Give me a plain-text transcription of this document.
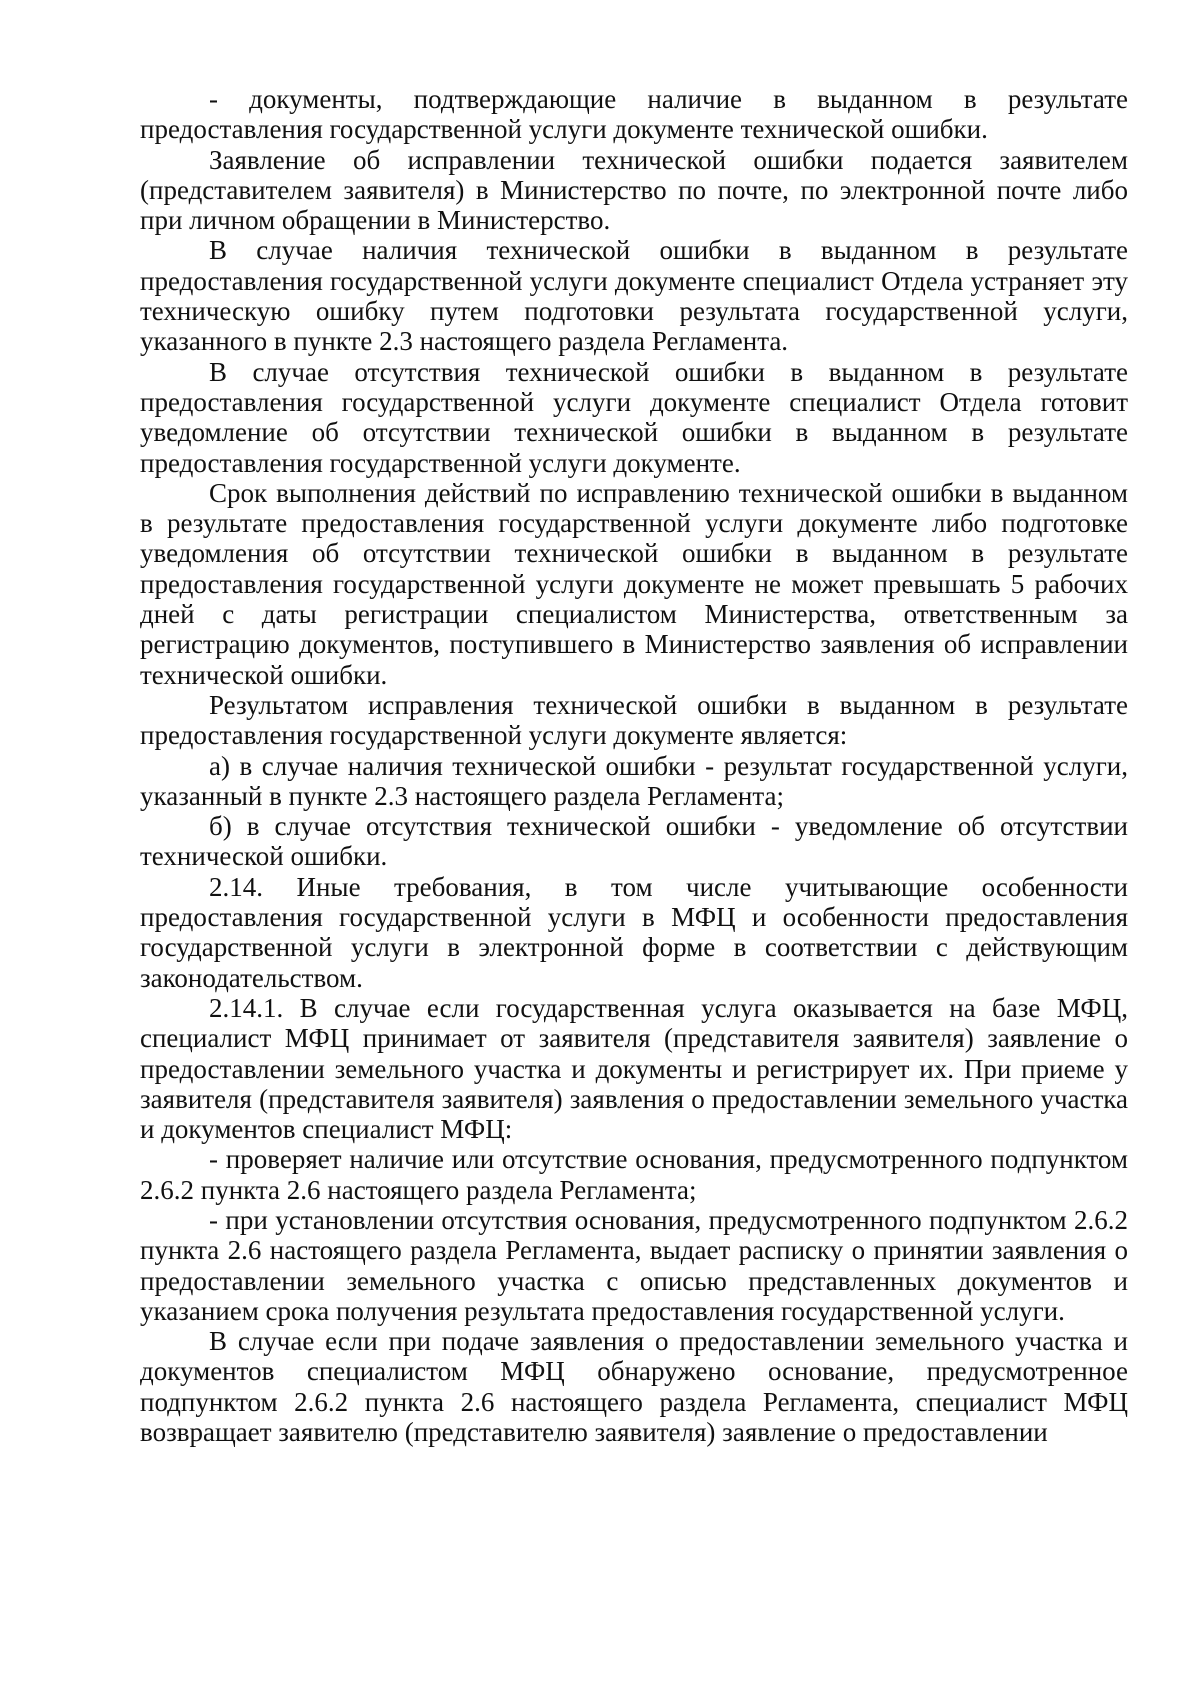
- документы, подтверждающие наличие в выданном в результате предоставления государственной услуги документе технической ошибки.

Заявление об исправлении технической ошибки подается заявителем (представителем заявителя) в Министерство по почте, по электронной почте либо при личном обращении в Министерство.

В случае наличия технической ошибки в выданном в результате предоставления государственной услуги документе специалист Отдела устраняет эту техническую ошибку путем подготовки результата государственной услуги, указанного в пункте 2.3 настоящего раздела Регламента.

В случае отсутствия технической ошибки в выданном в результате предоставления государственной услуги документе специалист Отдела готовит уведомление об отсутствии технической ошибки в выданном в результате предоставления государственной услуги документе.

Срок выполнения действий по исправлению технической ошибки в выданном в результате предоставления государственной услуги документе либо подготовке уведомления об отсутствии технической ошибки в выданном в результате предоставления государственной услуги документе не может превышать 5 рабочих дней с даты регистрации специалистом Министерства, ответственным за регистрацию документов, поступившего в Министерство заявления об исправлении технической ошибки.

Результатом исправления технической ошибки в выданном в результате предоставления государственной услуги документе является:

а) в случае наличия технической ошибки - результат государственной услуги, указанный в пункте 2.3 настоящего раздела Регламента;

б) в случае отсутствия технической ошибки - уведомление об отсутствии технической ошибки.

2.14. Иные требования, в том числе учитывающие особенности предоставления государственной услуги в МФЦ и особенности предоставления государственной услуги в электронной форме в соответствии с действующим законодательством.

2.14.1. В случае если государственная услуга оказывается на базе МФЦ, специалист МФЦ принимает от заявителя (представителя заявителя) заявление о предоставлении земельного участка и документы и регистрирует их. При приеме у заявителя (представителя заявителя) заявления о предоставлении земельного участка и документов специалист МФЦ:

- проверяет наличие или отсутствие основания, предусмотренного подпунктом 2.6.2 пункта 2.6 настоящего раздела Регламента;

- при установлении отсутствия основания, предусмотренного подпунктом 2.6.2 пункта 2.6 настоящего раздела Регламента, выдает расписку о принятии заявления о предоставлении земельного участка с описью представленных документов и указанием срока получения результата предоставления государственной услуги.

В случае если при подаче заявления о предоставлении земельного участка и документов специалистом МФЦ обнаружено основание, предусмотренное подпунктом 2.6.2 пункта 2.6 настоящего раздела Регламента, специалист МФЦ возвращает заявителю (представителю заявителя) заявление о предоставлении
